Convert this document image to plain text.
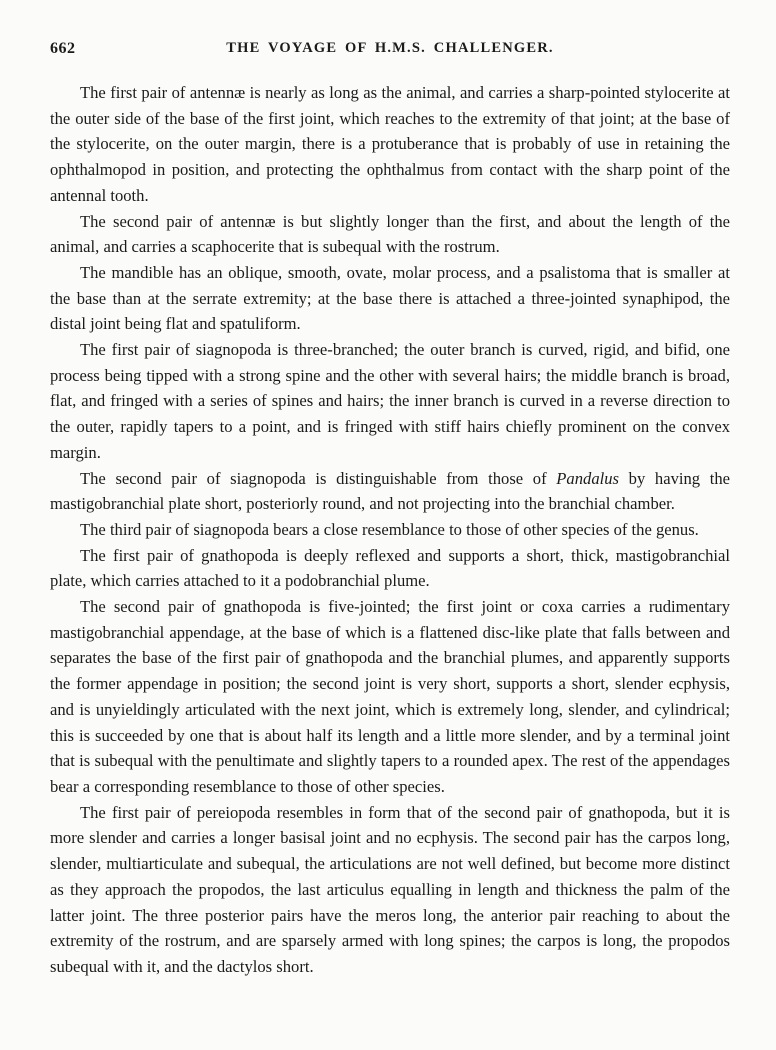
662	THE VOYAGE OF H.M.S. CHALLENGER.

The first pair of antennæ is nearly as long as the animal, and carries a sharp-pointed stylocerite at the outer side of the base of the first joint, which reaches to the extremity of that joint; at the base of the stylocerite, on the outer margin, there is a protuberance that is probably of use in retaining the ophthalmopod in position, and protecting the ophthalmus from contact with the sharp point of the antennal tooth.

The second pair of antennæ is but slightly longer than the first, and about the length of the animal, and carries a scaphocerite that is subequal with the rostrum.

The mandible has an oblique, smooth, ovate, molar process, and a psalistoma that is smaller at the base than at the serrate extremity; at the base there is attached a three-jointed synaphipod, the distal joint being flat and spatuliform.

The first pair of siagnopoda is three-branched; the outer branch is curved, rigid, and bifid, one process being tipped with a strong spine and the other with several hairs; the middle branch is broad, flat, and fringed with a series of spines and hairs; the inner branch is curved in a reverse direction to the outer, rapidly tapers to a point, and is fringed with stiff hairs chiefly prominent on the convex margin.

The second pair of siagnopoda is distinguishable from those of Pandalus by having the mastigobranchial plate short, posteriorly round, and not projecting into the branchial chamber.

The third pair of siagnopoda bears a close resemblance to those of other species of the genus.

The first pair of gnathopoda is deeply reflexed and supports a short, thick, mastigobranchial plate, which carries attached to it a podobranchial plume.

The second pair of gnathopoda is five-jointed; the first joint or coxa carries a rudimentary mastigobranchial appendage, at the base of which is a flattened disc-like plate that falls between and separates the base of the first pair of gnathopoda and the branchial plumes, and apparently supports the former appendage in position; the second joint is very short, supports a short, slender ecphysis, and is unyieldingly articulated with the next joint, which is extremely long, slender, and cylindrical; this is succeeded by one that is about half its length and a little more slender, and by a terminal joint that is subequal with the penultimate and slightly tapers to a rounded apex. The rest of the appendages bear a corresponding resemblance to those of other species.

The first pair of pereiopoda resembles in form that of the second pair of gnathopoda, but it is more slender and carries a longer basisal joint and no ecphysis. The second pair has the carpos long, slender, multiarticulate and subequal, the articulations are not well defined, but become more distinct as they approach the propodos, the last articulus equalling in length and thickness the palm of the latter joint. The three posterior pairs have the meros long, the anterior pair reaching to about the extremity of the rostrum, and are sparsely armed with long spines; the carpos is long, the propodos subequal with it, and the dactylos short.
